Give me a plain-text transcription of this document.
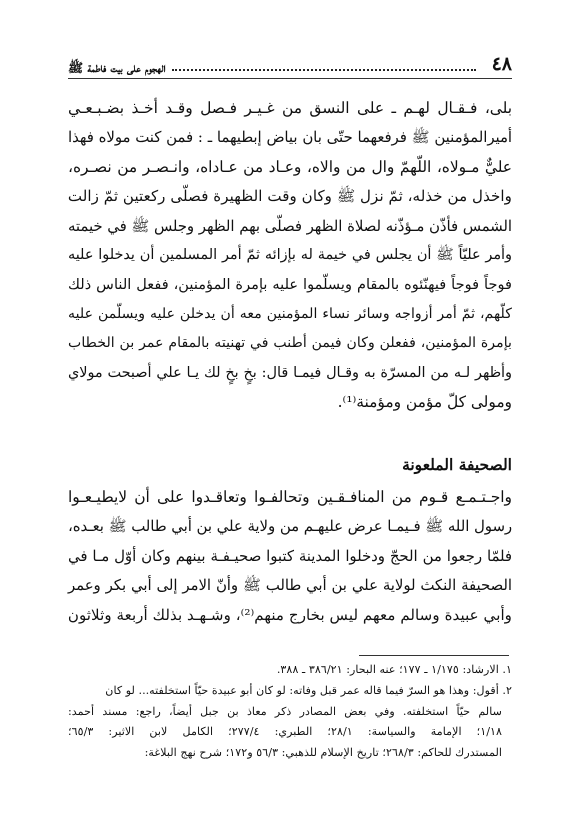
٤٨
الهجوم على بيت فاطمة ﷺ

بلى، فـقـال لهـم ـ على النسق من غـيـر فـصل وقـد أخـذ بضـبـعـي

أميرالمؤمنين ﷺ فرفعهما حتّى بان بياض إبطيهما ـ : فمن كنت مولاه فهذا

عليٌّ مـولاه، اللّهمّ وال من والاه، وعـاد من عـاداه، وانـصـر من نصـره،

واخذل من خذله، ثمّ نزل ﷺ وكان وقت الظهيرة فصلّى ركعتين ثمّ زالت

الشمس فأذّن مـؤذّنه لصلاة الظهر فصلّى بهم الظهر وجلس ﷺ في خيمته

وأمر عليّاً ﷺ أن يجلس في خيمة له بإزائه ثمّ أمر المسلمين أن يدخلوا عليه

فوجاً فوجاً فيهنّئوه بالمقام ويسلّموا عليه بإمرة المؤمنين، ففعل الناس ذلك

كلّهم، ثمّ أمر أزواجه وسائر نساء المؤمنين معه أن يدخلن عليه ويسلّمن عليه

بإمرة المؤمنين، ففعلن وكان فيمن أطنب في تهنيته بالمقام عمر بن الخطاب

وأظهر لـه من المسرّة به وقـال فيمـا قال: بخٍ بخٍ لك يـا علي أصبحت مولاي

ومولى كلّ مؤمن ومؤمنة⁽¹⁾.

الصحيفة الملعونة

واجـتـمـع قـوم من المنافـقـين وتحالفـوا وتعاقـدوا على أن لايطيـعـوا

رسول الله ﷺ فـيمـا عرض عليهـم من ولاية علي بن أبي طالب ﷺ بعـده،

فلمّا رجعوا من الحجّ ودخلوا المدينة كتبوا صحيـفـة بينهم وكان أوّل مـا في

الصحيفة النكث لولاية علي بن أبي طالب ﷺ وأنّ الامر إلى أبي بكر وعمر

وأبي عبيدة وسالم معهم ليس بخارج منهم⁽²⁾، وشـهـد بذلك أربعة وثلاثون

١. الارشاد: ١/١٧٥ ـ ١٧٧؛ عنه البحار: ٣٨٦/٢١ ـ ٣٨٨.

٢. أقول: وهذا هو السرّ فيما قاله عمر قبل وفاته: لو كان أبو عبيدة حيّاً استخلفته... لو كان

سالم حيّاً استخلفته. وفي بعض المصادر ذكر معاذ بن جبل أيضاً، راجع: مسند أحمد:

١/١٨؛ الإمامة والسياسة: ٢٨/١؛ الطبري: ٢٧٧/٤؛ الكامل لابن الاثير: ٦٥/٣؛

المستدرك للحاكم: ٢٦٨/٣؛ تاريخ الإسلام للذهبي: ٥٦/٣ و١٧٢؛ شرح نهج البلاغة:
